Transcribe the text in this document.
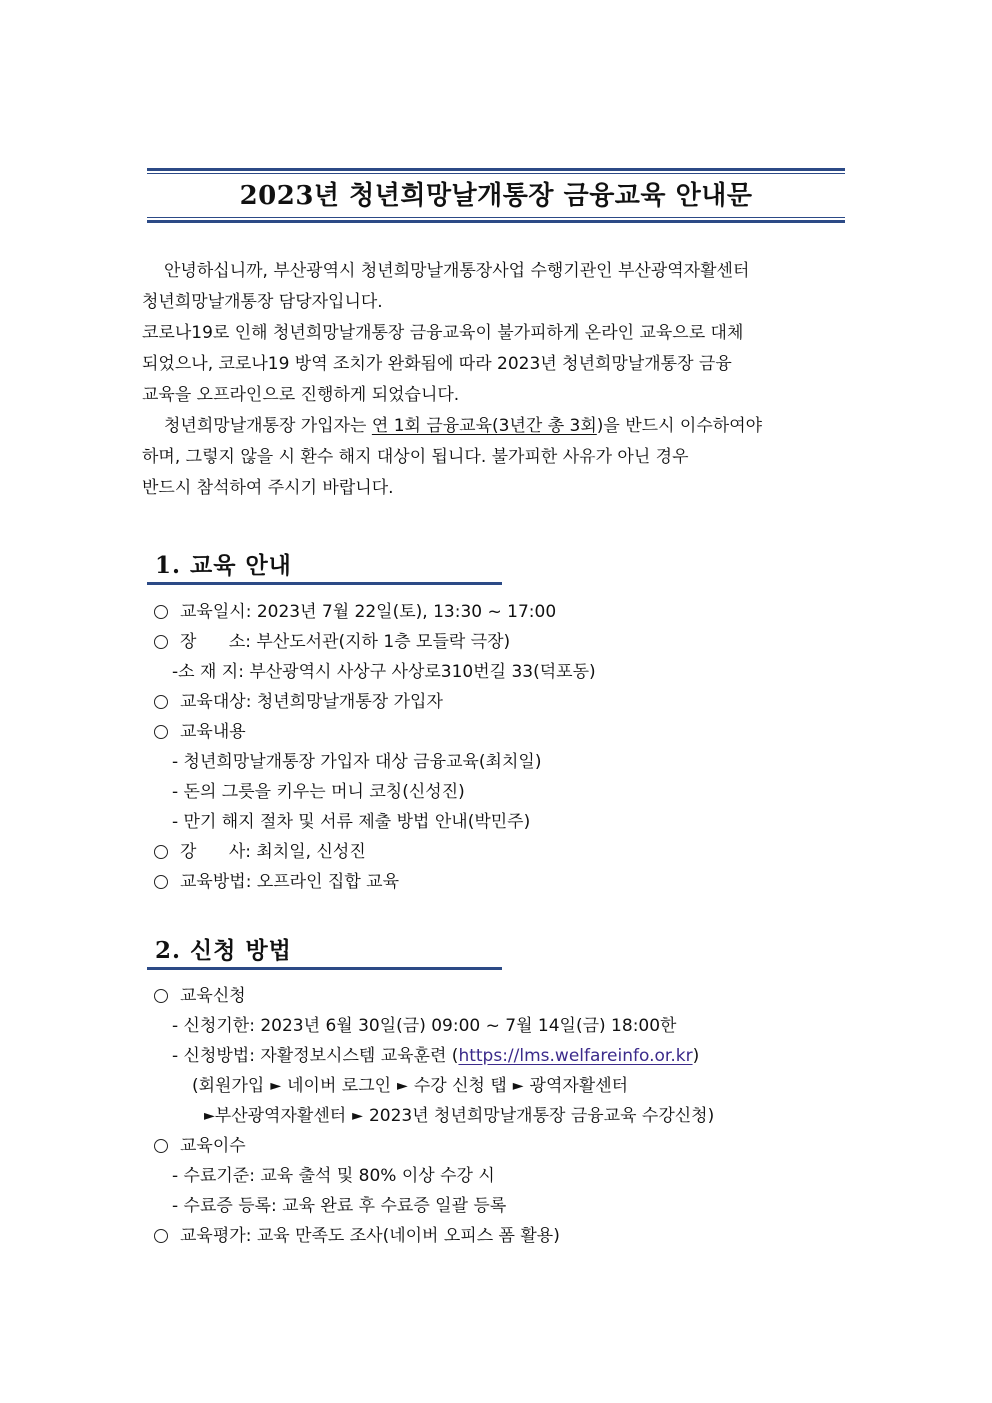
2023년 청년희망날개통장 금융교육 안내문
안녕하십니까, 부산광역시 청년희망날개통장사업 수행기관인 부산광역자활센터
청년희망날개통장 담당자입니다.
코로나19로 인해 청년희망날개통장 금융교육이 불가피하게 온라인 교육으로 대체
되었으나, 코로나19 방역 조치가 완화됨에 따라 2023년 청년희망날개통장 금융
교육을 오프라인으로 진행하게 되었습니다.
청년희망날개통장 가입자는 연 1회 금융교육(3년간 총 3회)을 반드시 이수하여야
하며, 그렇지 않을 시 환수 해지 대상이 됩니다. 불가피한 사유가 아닌 경우
반드시 참석하여 주시기 바랍니다.
1. 교육 안내
교육일시: 2023년 7월 22일(토), 13:30 ~ 17:00
장      소: 부산도서관(지하 1층 모들락 극장)
-소 재 지: 부산광역시 사상구 사상로310번길 33(덕포동)
교육대상: 청년희망날개통장 가입자
교육내용
- 청년희망날개통장 가입자 대상 금융교육(최치일)
- 돈의 그릇을 키우는 머니 코칭(신성진)
- 만기 해지 절차 및 서류 제출 방법 안내(박민주)
강      사: 최치일, 신성진
교육방법: 오프라인 집합 교육
2. 신청 방법
교육신청
- 신청기한: 2023년 6월 30일(금) 09:00 ~ 7월 14일(금) 18:00한
- 신청방법: 자활정보시스템 교육훈련 ( https://lms.welfareinfo.or.kr )
(회원가입 ► 네이버 로그인 ► 수강 신청 탭 ► 광역자활센터
► 부산광역자활센터 ► 2023년 청년희망날개통장 금융교육 수강신청)
교육이수
- 수료기준: 교육 출석 및 80% 이상 수강 시
- 수료증 등록: 교육 완료 후 수료증 일괄 등록
교육평가: 교육 만족도 조사(네이버 오피스 폼 활용)
